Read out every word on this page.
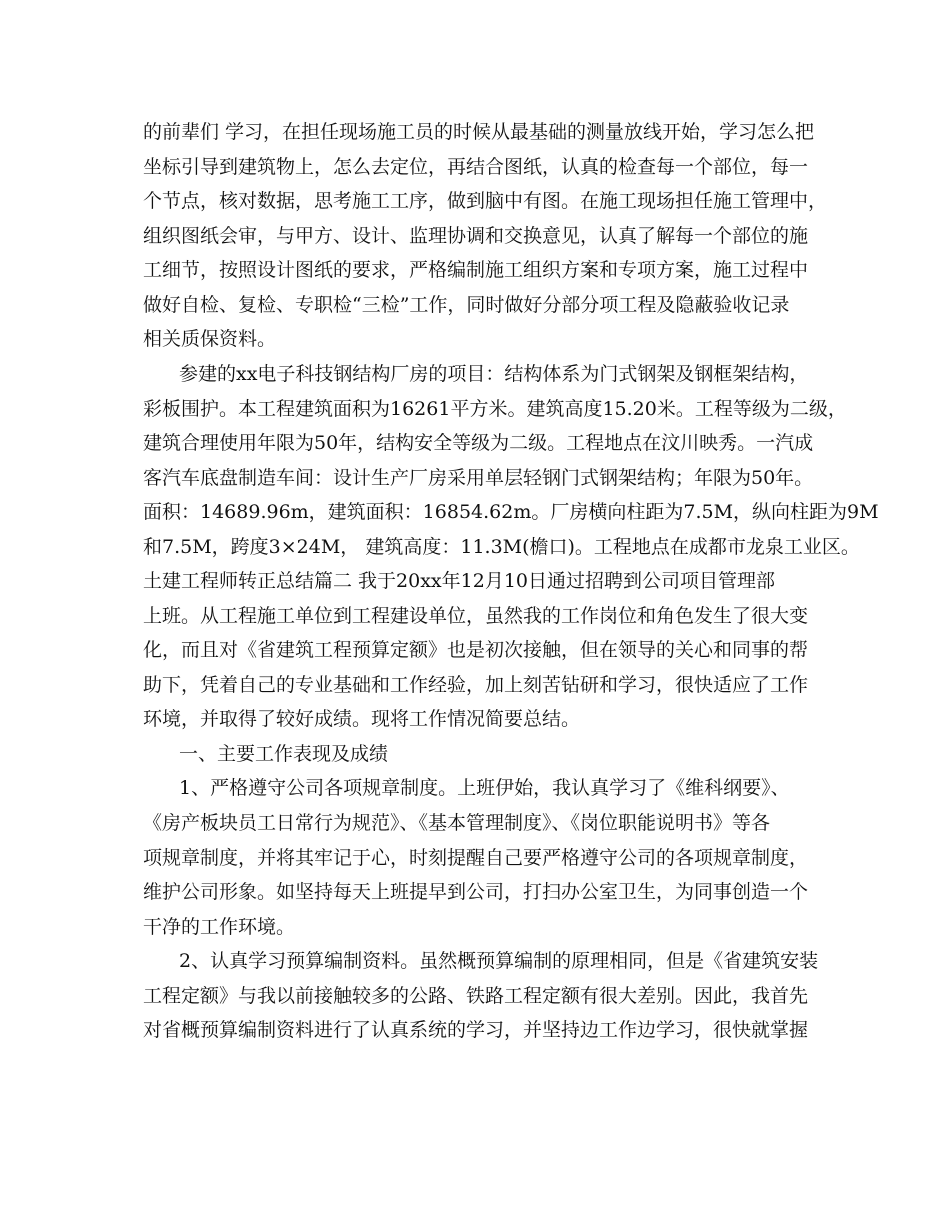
的前辈们 学习，在担任现场施工员的时候从最基础的测量放线开始，学习怎么把
坐标引导到建筑物上，怎么去定位，再结合图纸，认真的检查每一个部位，每一
个节点，核对数据，思考施工工序，做到脑中有图。在施工现场担任施工管理中，
组织图纸会审，与甲方、设计、监理协调和交换意见，认真了解每一个部位的施
工细节，按照设计图纸的要求，严格编制施工组织方案和专项方案，施工过程中
做好自检、复检、专职检“三检”工作，同时做好分部分项工程及隐蔽验收记录
相关质保资料。
参建的xx电子科技钢结构厂房的项目：结构体系为门式钢架及钢框架结构，
彩板围护。本工程建筑面积为16261平方米。建筑高度15.20米。工程等级为二级，
建筑合理使用年限为50年，结构安全等级为二级。工程地点在汶川映秀。一汽成
客汽车底盘制造车间：设计生产厂房采用单层轻钢门式钢架结构；年限为50年。
面积：14689.96m，建筑面积：16854.62m。厂房横向柱距为7.5M，纵向柱距为9M
和7.5M，跨度3×24M， 建筑高度：11.3M(檐口)。工程地点在成都市龙泉工业区。
土建工程师转正总结篇二 我于20xx年12月10日通过招聘到公司项目管理部
上班。从工程施工单位到工程建设单位，虽然我的工作岗位和角色发生了很大变
化，而且对《省建筑工程预算定额》也是初次接触，但在领导的关心和同事的帮
助下，凭着自己的专业基础和工作经验，加上刻苦钻研和学习，很快适应了工作
环境，并取得了较好成绩。现将工作情况简要总结。
一、主要工作表现及成绩
1、严格遵守公司各项规章制度。上班伊始，我认真学习了《维科纲要》、
《房产板块员工日常行为规范》、《基本管理制度》、《岗位职能说明书》等各
项规章制度，并将其牢记于心，时刻提醒自己要严格遵守公司的各项规章制度，
维护公司形象。如坚持每天上班提早到公司，打扫办公室卫生，为同事创造一个
干净的工作环境。
2、认真学习预算编制资料。虽然概预算编制的原理相同，但是《省建筑安装
工程定额》与我以前接触较多的公路、铁路工程定额有很大差别。因此，我首先
对省概预算编制资料进行了认真系统的学习，并坚持边工作边学习，很快就掌握
